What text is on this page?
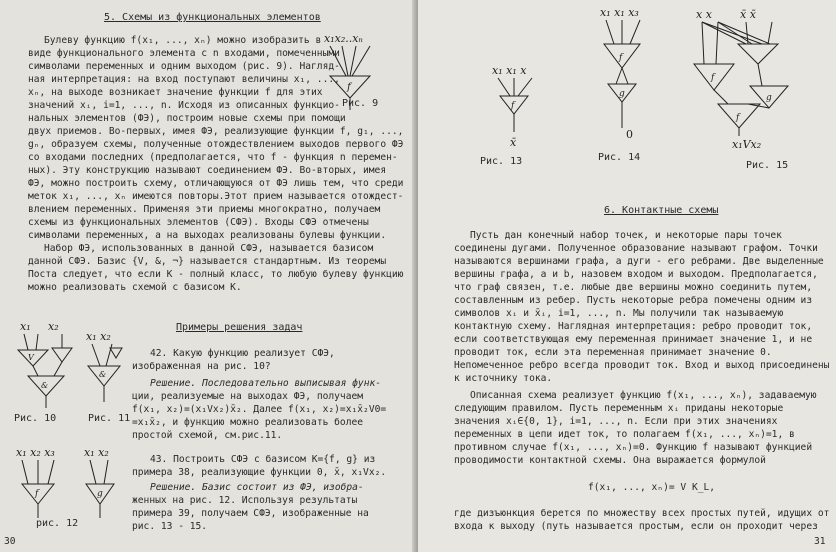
5. Схемы из функциональных элементов
Булеву функцию f(x₁, ..., xₙ) можно изобразить в
виде функционального элемента с n входами, помеченными
символами переменных и одним выходом (рис. 9). Нагляд-
ная интерпретация: на вход поступают величины x₁, ...,
xₙ, на выходе возникает значение функции f для этих
значений xᵢ, i=1, ..., n. Исходя из описанных функцио-
нальных элементов (ФЭ), построим новые схемы при помощи
двух приемов. Во-первых, имея ФЭ, реализующие функции f, g₁, ...,
gₙ, образуем схемы, полученные отождествлением выходов первого ФЭ
со входами последних (предполагается, что f - функция n перемен-
ных). Эту конструкцию называют соединением ФЭ. Во-вторых, имея
ФЭ, можно построить схему, отличающуюся от ФЭ лишь тем, что среди
меток x₁, ..., xₙ имеются повторы.Этот прием называется отождест-
влением переменных. Применяя эти приемы многократно, получаем
схемы из функциональных элементов (СФЭ). Входы СФЭ отмечены
символами переменных, а на выходах реализованы булевы функции.
Набор ФЭ, использованных в данной СФЭ, называется базисом
данной СФЭ. Базис {V, &, ¬} называется стандартным. Из теоремы
Поста следует, что если K - полный класс, то любую булеву функцию
можно реализовать схемой с базисом K.
x₁x₂..xₙ
f
Рис. 9
Примеры решения задач
42. Какую функцию реализует СФЭ,
изображенная на рис. 10?
Решение. Последовательно выписывая функ-
ции, реализуемые на выходах ФЭ, получаем
f(x₁, x₂)=(x₁Vx₂)x̄₂. Далее f(x₁, x₂)=x₁x̄₂V0=
=x₁x̄₂, и функцию можно реализовать более
простой схемой, см.рис.11.
43. Построить СФЭ с базисом K={f, g} из
примера 38, реализующие функции 0, x̄, x₁Vx₂.
Решение. Базис состоит из ФЭ, изобра-
женных на рис. 12. Используя результаты
примера 39, получаем СФЭ, изображенные на
рис. 13 - 15.
x₁ x₂
V
&
Рис. 10
x₁ x₂
&
Рис. 11
x₁ x₂ x₃
f
x₁ x₂
g
рис. 12
30
x₁ x₁ x
f
x̄
Рис. 13
x₁ x₁ x₃
f
g
0
Рис. 14
x x	x̄ x̄
f
g
f
x₁Vx₂
Рис. 15
6. Контактные схемы
Пусть дан конечный набор точек, и некоторые пары точек
соединены дугами. Полученное образование называют графом. Точки
называются вершинами графа, а дуги - его ребрами. Две выделенные
вершины графа, a и b, назовем входом и выходом. Предполагается,
что граф связен, т.е. любые две вершины можно соединить путем,
составленным из ребер. Пусть некоторые ребра помечены одним из
символов xᵢ и x̄ᵢ, i=1, ..., n. Мы получили так называемую
контактную схему. Наглядная интерпретация: ребро проводит ток,
если соответствующая ему переменная принимает значение 1, и не
проводит ток, если эта переменная принимает значение 0.
Непомеченное ребро всегда проводит ток. Вход и выход присоединены
к источнику тока.
Описанная схема реализует функцию f(x₁, ..., xₙ), задаваемую
следующим правилом. Пусть переменным xᵢ приданы некоторые
значения xᵢ∈{0, 1}, i=1, ..., n. Если при этих значениях
переменных в цепи идет ток, то полагаем f(x₁, ..., xₙ)=1, в
противном случае f(x₁, ..., xₙ)=0. Функцию f называют функцией
проводимости контактной схемы. Она выражается формулой
f(x₁, ..., xₙ)= V K_L,
где дизъюнкция берется по множеству всех простых путей, идущих от
входа к выходу (путь называется простым, если он проходит через
31
